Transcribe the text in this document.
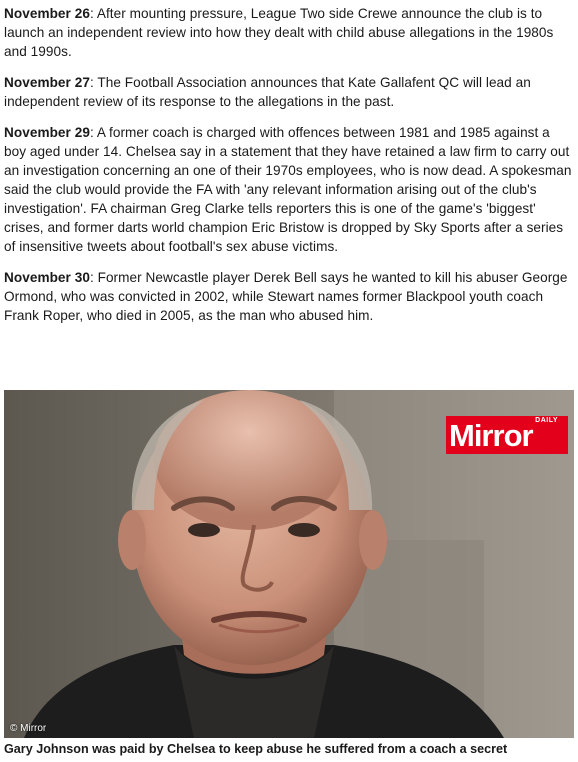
November 26: After mounting pressure, League Two side Crewe announce the club is to launch an independent review into how they dealt with child abuse allegations in the 1980s and 1990s.

November 27: The Football Association announces that Kate Gallafent QC will lead an independent review of its response to the allegations in the past.

November 29: A former coach is charged with offences between 1981 and 1985 against a boy aged under 14. Chelsea say in a statement that they have retained a law firm to carry out an investigation concerning an one of their 1970s employees, who is now dead. A spokesman said the club would provide the FA with 'any relevant information arising out of the club's investigation'. FA chairman Greg Clarke tells reporters this is one of the game's 'biggest' crises, and former darts world champion Eric Bristow is dropped by Sky Sports after a series of insensitive tweets about football's sex abuse victims.

November 30: Former Newcastle player Derek Bell says he wanted to kill his abuser George Ormond, who was convicted in 2002, while Stewart names former Blackpool youth coach Frank Roper, who died in 2005, as the man who abused him.

Mirror DAILY
© Mirror
Gary Johnson was paid by Chelsea to keep abuse he suffered from a coach a secret
